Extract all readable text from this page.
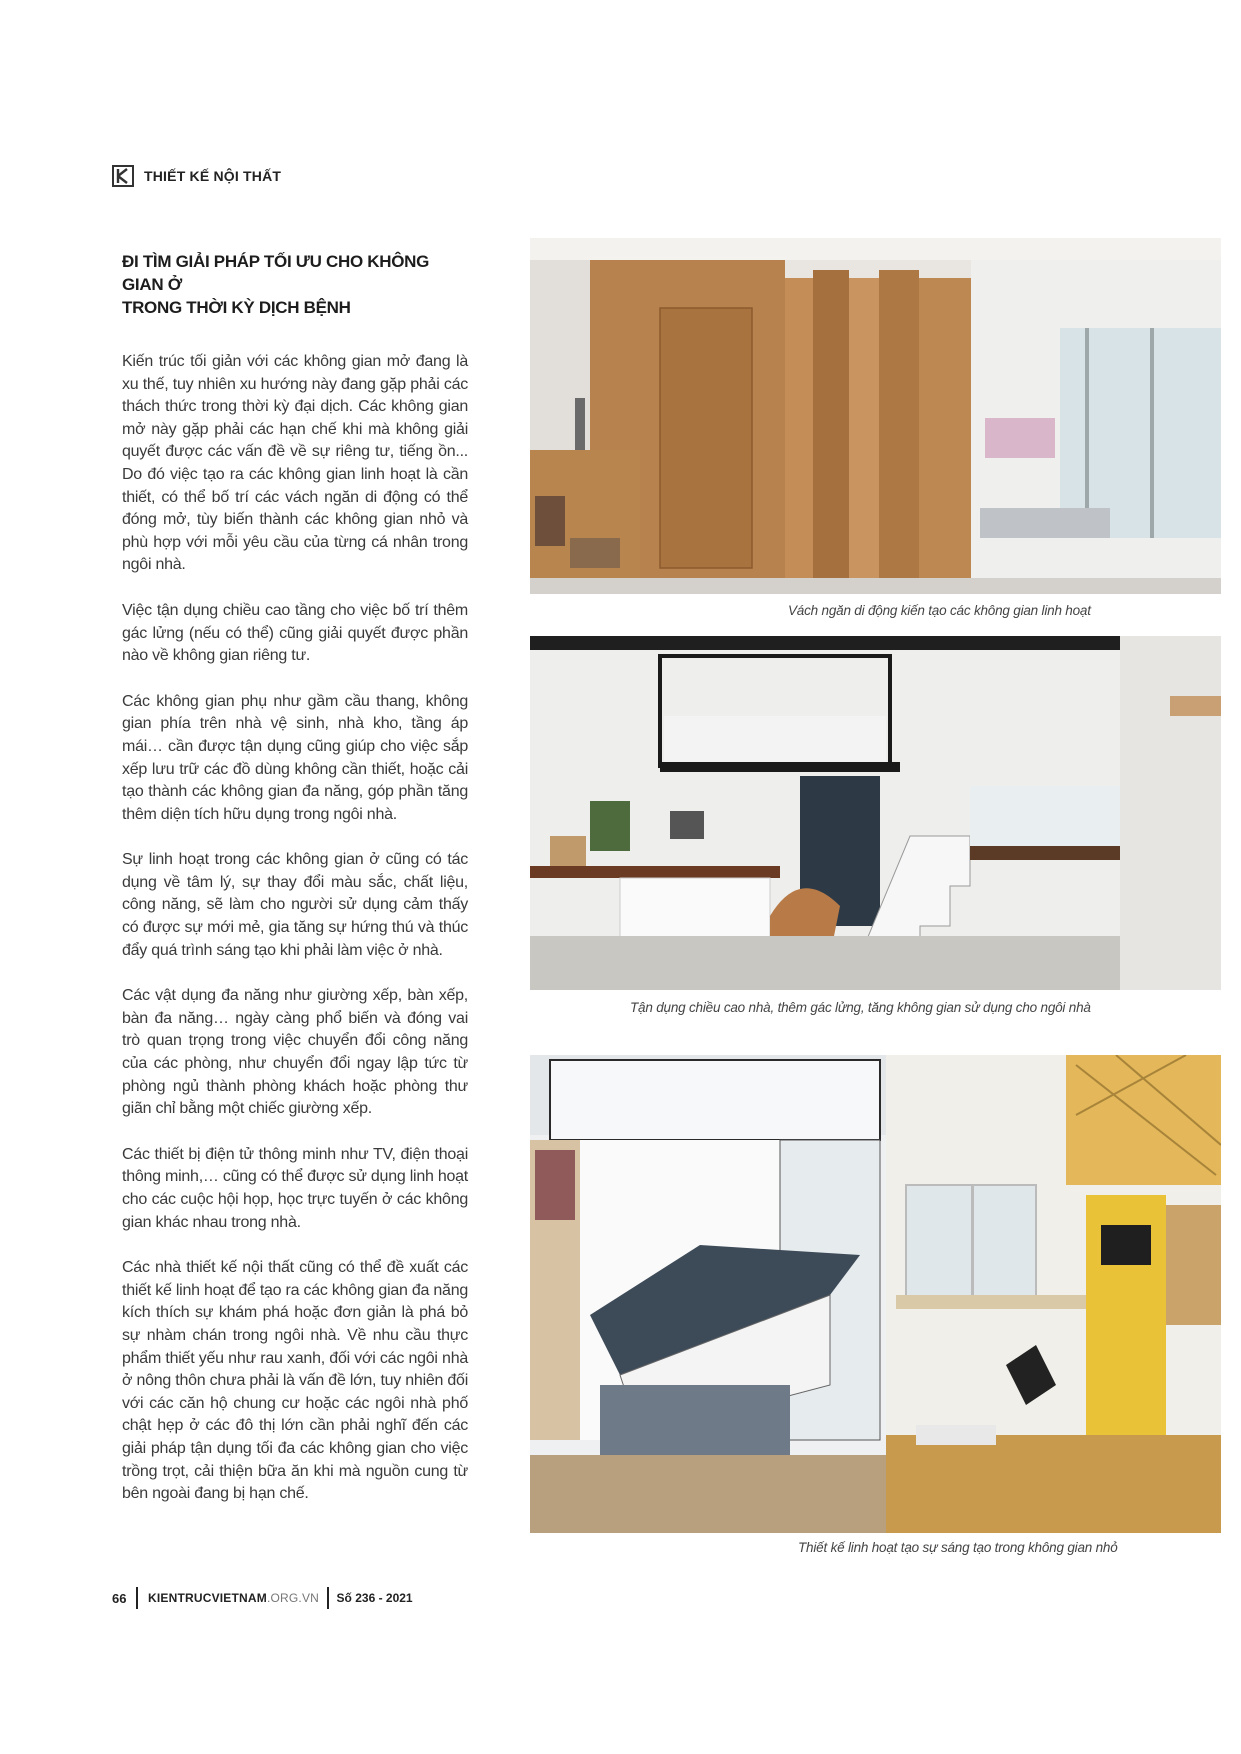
THIẾT KẾ NỘI THẤT
ĐI TÌM GIẢI PHÁP TỐI ƯU CHO KHÔNG GIAN Ở
TRONG THỜI KỲ DỊCH BỆNH

Kiến trúc tối giản với các không gian mở đang là xu thế, tuy nhiên xu hướng này đang gặp phải các thách thức trong thời kỳ đại dịch. Các không gian mở này gặp phải các hạn chế khi mà không giải quyết được các vấn đề về sự riêng tư, tiếng ồn... Do đó việc tạo ra các không gian linh hoạt là cần thiết, có thể bố trí các vách ngăn di động có thể đóng mở, tùy biến thành các không gian nhỏ và phù hợp với mỗi yêu cầu của từng cá nhân trong ngôi nhà.

Việc tận dụng chiều cao tầng cho việc bố trí thêm gác lửng (nếu có thể) cũng giải quyết được phần nào về không gian riêng tư.

Các không gian phụ như gầm cầu thang, không gian phía trên nhà vệ sinh, nhà kho, tầng áp mái… cần được tận dụng cũng giúp cho việc sắp xếp lưu trữ các đồ dùng không cần thiết, hoặc cải tạo thành các không gian đa năng, góp phần tăng thêm diện tích hữu dụng trong ngôi nhà.

Sự linh hoạt trong các không gian ở cũng có tác dụng về tâm lý, sự thay đổi màu sắc, chất liệu, công năng, sẽ làm cho người sử dụng cảm thấy có được sự mới mẻ, gia tăng sự hứng thú và thúc đẩy quá trình sáng tạo khi phải làm việc ở nhà.

Các vật dụng đa năng như giường xếp, bàn xếp, bàn đa năng… ngày càng phổ biến và đóng vai trò quan trọng trong việc chuyển đổi công năng của các phòng, như chuyển đổi ngay lập tức từ phòng ngủ thành phòng khách hoặc phòng thư giãn chỉ bằng một chiếc giường xếp.

Các thiết bị điện tử thông minh như TV, điện thoại thông minh,… cũng có thể được sử dụng linh hoạt cho các cuộc hội họp, học trực tuyến ở các không gian khác nhau trong nhà.

Các nhà thiết kế nội thất cũng có thể đề xuất các thiết kế linh hoạt để tạo ra các không gian đa năng kích thích sự khám phá hoặc đơn giản là phá bỏ sự nhàm chán trong ngôi nhà. Về nhu cầu thực phẩm thiết yếu như rau xanh, đối với các ngôi nhà ở nông thôn chưa phải là vấn đề lớn, tuy nhiên đối với các căn hộ chung cư hoặc các ngôi nhà phố chật hẹp ở các đô thị lớn cần phải nghĩ đến các giải pháp tận dụng tối đa các không gian cho việc trồng trọt, cải thiện bữa ăn khi mà nguồn cung từ bên ngoài đang bị hạn chế.

Vách ngăn di động kiến tạo các không gian linh hoạt
Tận dụng chiều cao nhà, thêm gác lửng, tăng không gian sử dụng cho ngôi nhà
Thiết kế linh hoạt tạo sự sáng tạo trong không gian nhỏ
66	KIENTRUCVIETNAM.ORG.VN	Số 236 - 2021
